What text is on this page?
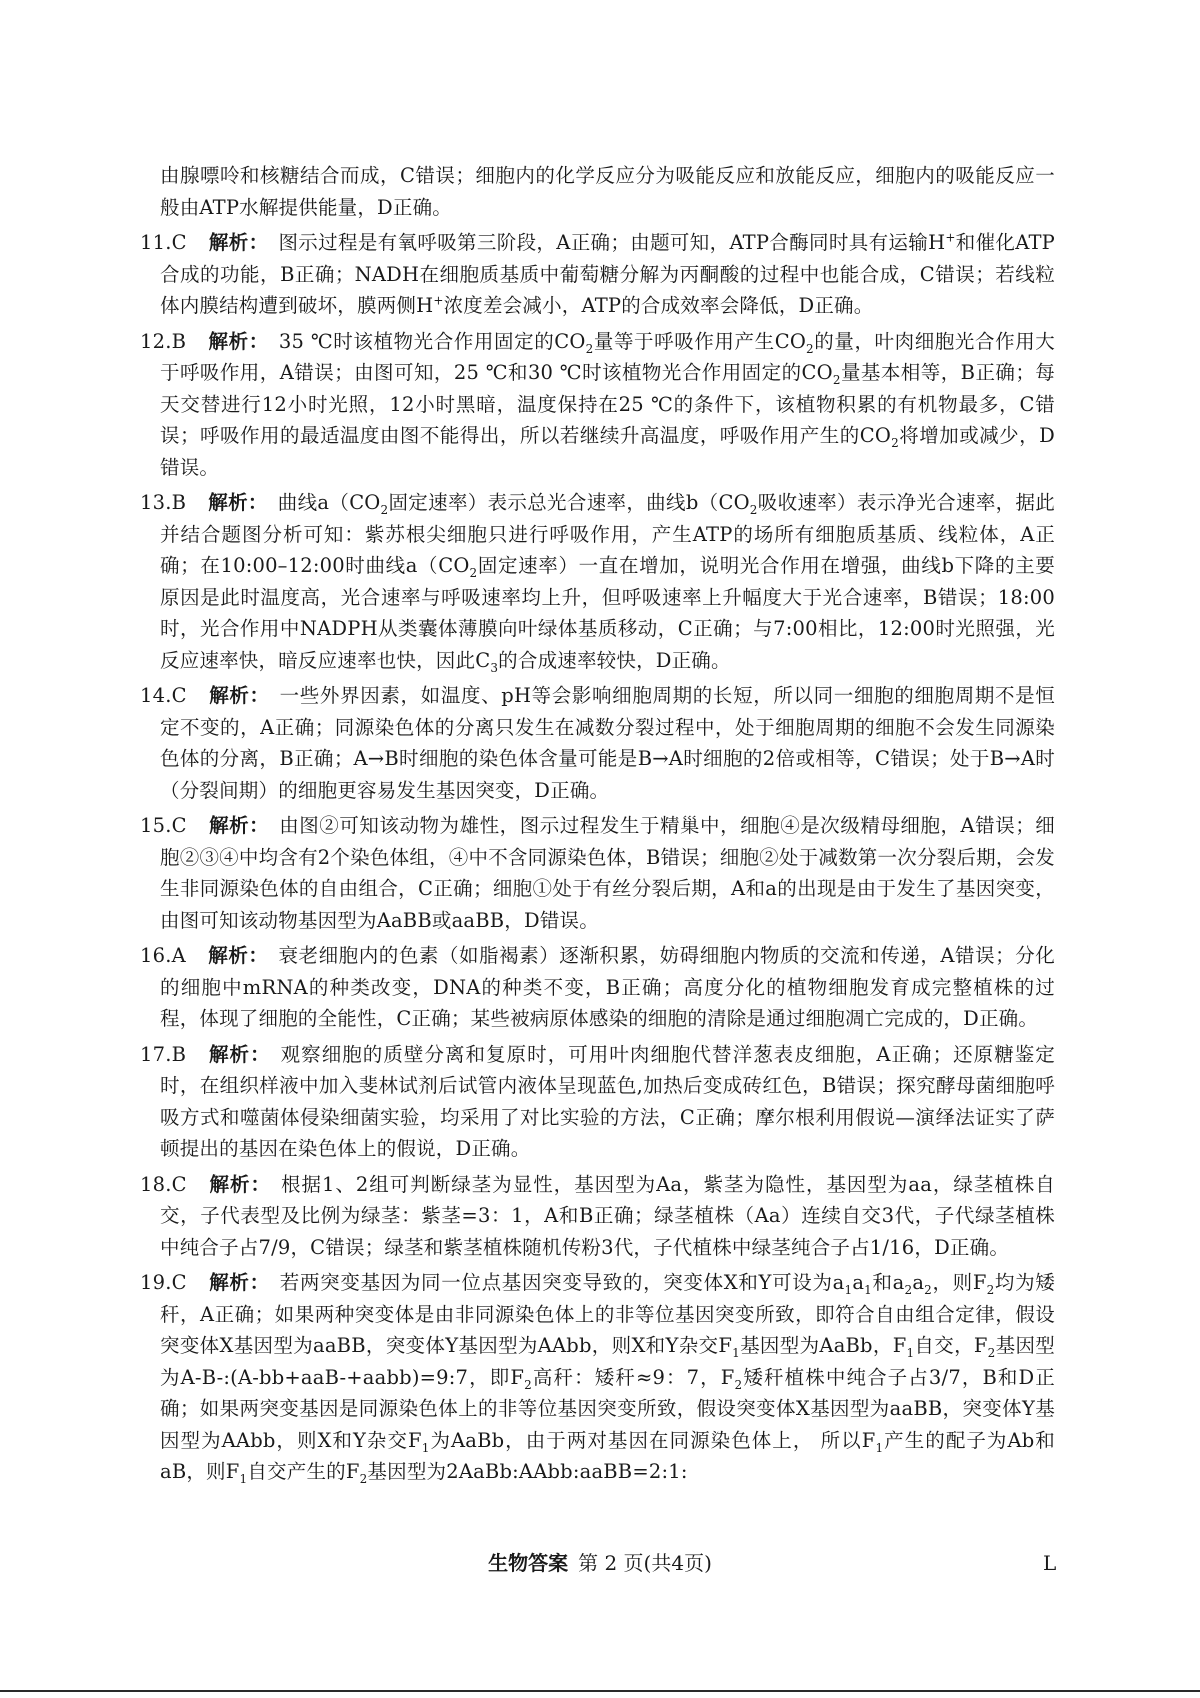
由腺嘌呤和核糖结合而成，C错误；细胞内的化学反应分为吸能反应和放能反应，细胞内的吸能反应一般由ATP水解提供能量，D正确。
11.C 解析： 图示过程是有氧呼吸第三阶段，A正确；由题可知，ATP合酶同时具有运输H+和催化ATP合成的功能，B正确；NADH在细胞质基质中葡萄糖分解为丙酮酸的过程中也能合成，C错误；若线粒体内膜结构遭到破坏，膜两侧H+浓度差会减小，ATP的合成效率会降低，D正确。
12.B 解析： 35 ℃时该植物光合作用固定的$CO_2$量等于呼吸作用产生$CO_2$的量，叶肉细胞光合作用大于呼吸作用，A错误；由图可知，25 ℃和30 ℃时该植物光合作用固定的$CO_2$量基本相等，B正确；每天交替进行12小时光照，12小时黑暗，温度保持在25 ℃的条件下，该植物积累的有机物最多，C错误；呼吸作用的最适温度由图不能得出，所以若继续升高温度，呼吸作用产生的$CO_2$将增加或减少，D错误。
13.B 解析： 曲线$a(CO_2$固定速率）表示总光合速率，曲线$b(CO_2$吸收速率）表示净光合速率，据此并结合题图分析可知：紫苏根尖细胞只进行呼吸作用，产生ATP的场所有细胞质基质、线粒体，A正确；在10:00–12:00时曲线$a(CO_2$固定速率）一直在增加，说明光合作用在增强，曲线b下降的主要原因是此时温度高，光合速率与呼吸速率均上升，但呼吸速率上升幅度大于光合速率，B错误；18:00时，光合作用中NADPH从类囊体薄膜向叶绿体基质移动，C正确；与7:00相比，12:00时光照强，光反应速率快，暗反应速率也快，因此$C_3$的合成速率较快，D正确。
14.C 解析： 一些外界因素，如温度、pH等会影响细胞周期的长短，所以同一细胞的细胞周期不是恒定不变的，A正确；同源染色体的分离只发生在减数分裂过程中，处于细胞周期的细胞不会发生同源染色体的分离，B正确；A→B时细胞的染色体含量可能是B→A时细胞的2倍或相等，C错误；处于B→A时（分裂间期）的细胞更容易发生基因突变，D正确。
15.C 解析： 由图②可知该动物为雄性，图示过程发生于精巢中，细胞④是次级精母细胞，A错误；细胞②③④中均含有2个染色体组，④中不含同源染色体，B错误；细胞②处于减数第一次分裂后期，会发生非同源染色体的自由组合，C正确；细胞①处于有丝分裂后期，A和a的出现是由于发生了基因突变，由图可知该动物基因型为AaBB或aaBB，D错误。
16.A 解析： 衰老细胞内的色素（如脂褐素）逐渐积累，妨碍细胞内物质的交流和传递，A错误；分化的细胞中mRNA的种类改变，DNA的种类不变，B正确；高度分化的植物细胞发育成完整植株的过程，体现了细胞的全能性，C正确；某些被病原体感染的细胞的清除是通过细胞凋亡完成的，D正确。
17.B 解析： 观察细胞的质壁分离和复原时，可用叶肉细胞代替洋葱表皮细胞，A正确；还原糖鉴定时，在组织样液中加入斐林试剂后试管内液体呈现蓝色,加热后变成砖红色，B错误；探究酵母菌细胞呼吸方式和噬菌体侵染细菌实验，均采用了对比实验的方法，C正确；摩尔根利用假说—演绎法证实了萨顿提出的基因在染色体上的假说，D正确。
18.C 解析： 根据1、2组可判断绿茎为显性，基因型为Aa，紫茎为隐性，基因型为aa，绿茎植株自交，子代表型及比例为绿茎：紫茎=3：1，A和B正确；绿茎植株（Aa）连续自交3代，子代绿茎植株中纯合子占7/9，C错误；绿茎和紫茎植株随机传粉3代，子代植株中绿茎纯合子占1/16，D正确。
19.C 解析： 若两突变基因为同一位点基因突变导致的，突变体X和Y可设为$a_1a_1$和$a_2a_2$，则$F_2$均为矮秆，A正确；如果两种突变体是由非同源染色体上的非等位基因突变所致，即符合自由组合定律，假设突变体X基因型为aaBB，突变体Y基因型为AAbb，则X和Y杂交$F_1$基因型为AaBb，$F_1$自交，$F_2$基因型为A-B-:(A-bb+aaB-+aabb)=9:7，即$F_2$高秆：矮秆≈9：7，$F_2$矮秆植株中纯合子占3/7，B和D正确；如果两突变基因是同源染色体上的非等位基因突变所致，假设突变体X基因型为aaBB，突变体Y基因型为AAbb，则X和Y杂交$F_1$为AaBb，由于两对基因在同源染色体上， 所以$F_1$产生的配子为Ab和aB，则$F_1$自交产生的$F_2$基因型为2AaBb:AAbb:aaBB=2:1:
生物答案 第 2 页(共4页)	L
